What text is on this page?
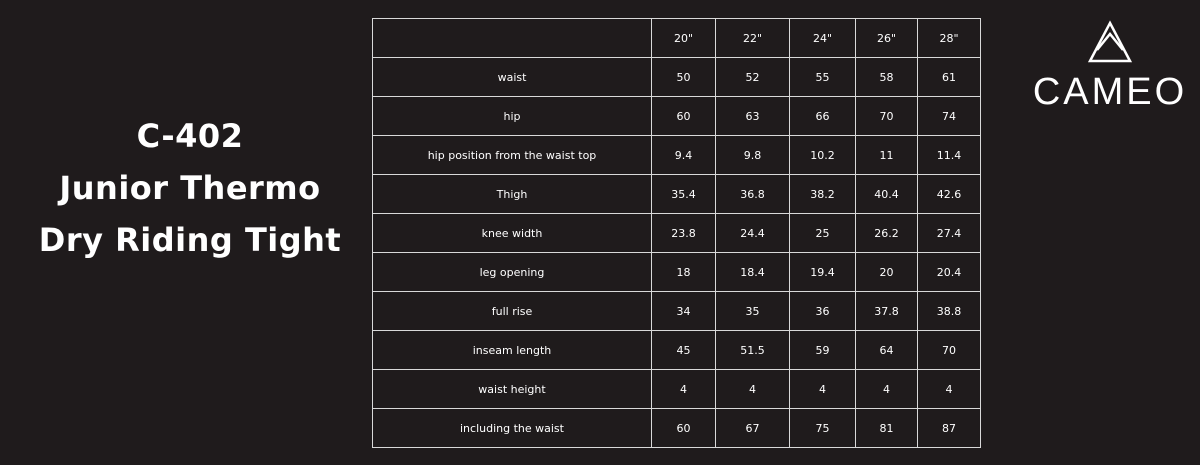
C-402
Junior Thermo
Dry Riding Tight
	20"	22"	24"	26"	28"
waist	50	52	55	58	61
hip	60	63	66	70	74
hip position from the waist top	9.4	9.8	10.2	11	11.4
Thigh	35.4	36.8	38.2	40.4	42.6
knee width	23.8	24.4	25	26.2	27.4
leg opening	18	18.4	19.4	20	20.4
full rise	34	35	36	37.8	38.8
inseam length	45	51.5	59	64	70
waist height	4	4	4	4	4
including the waist	60	67	75	81	87
CAMEO
